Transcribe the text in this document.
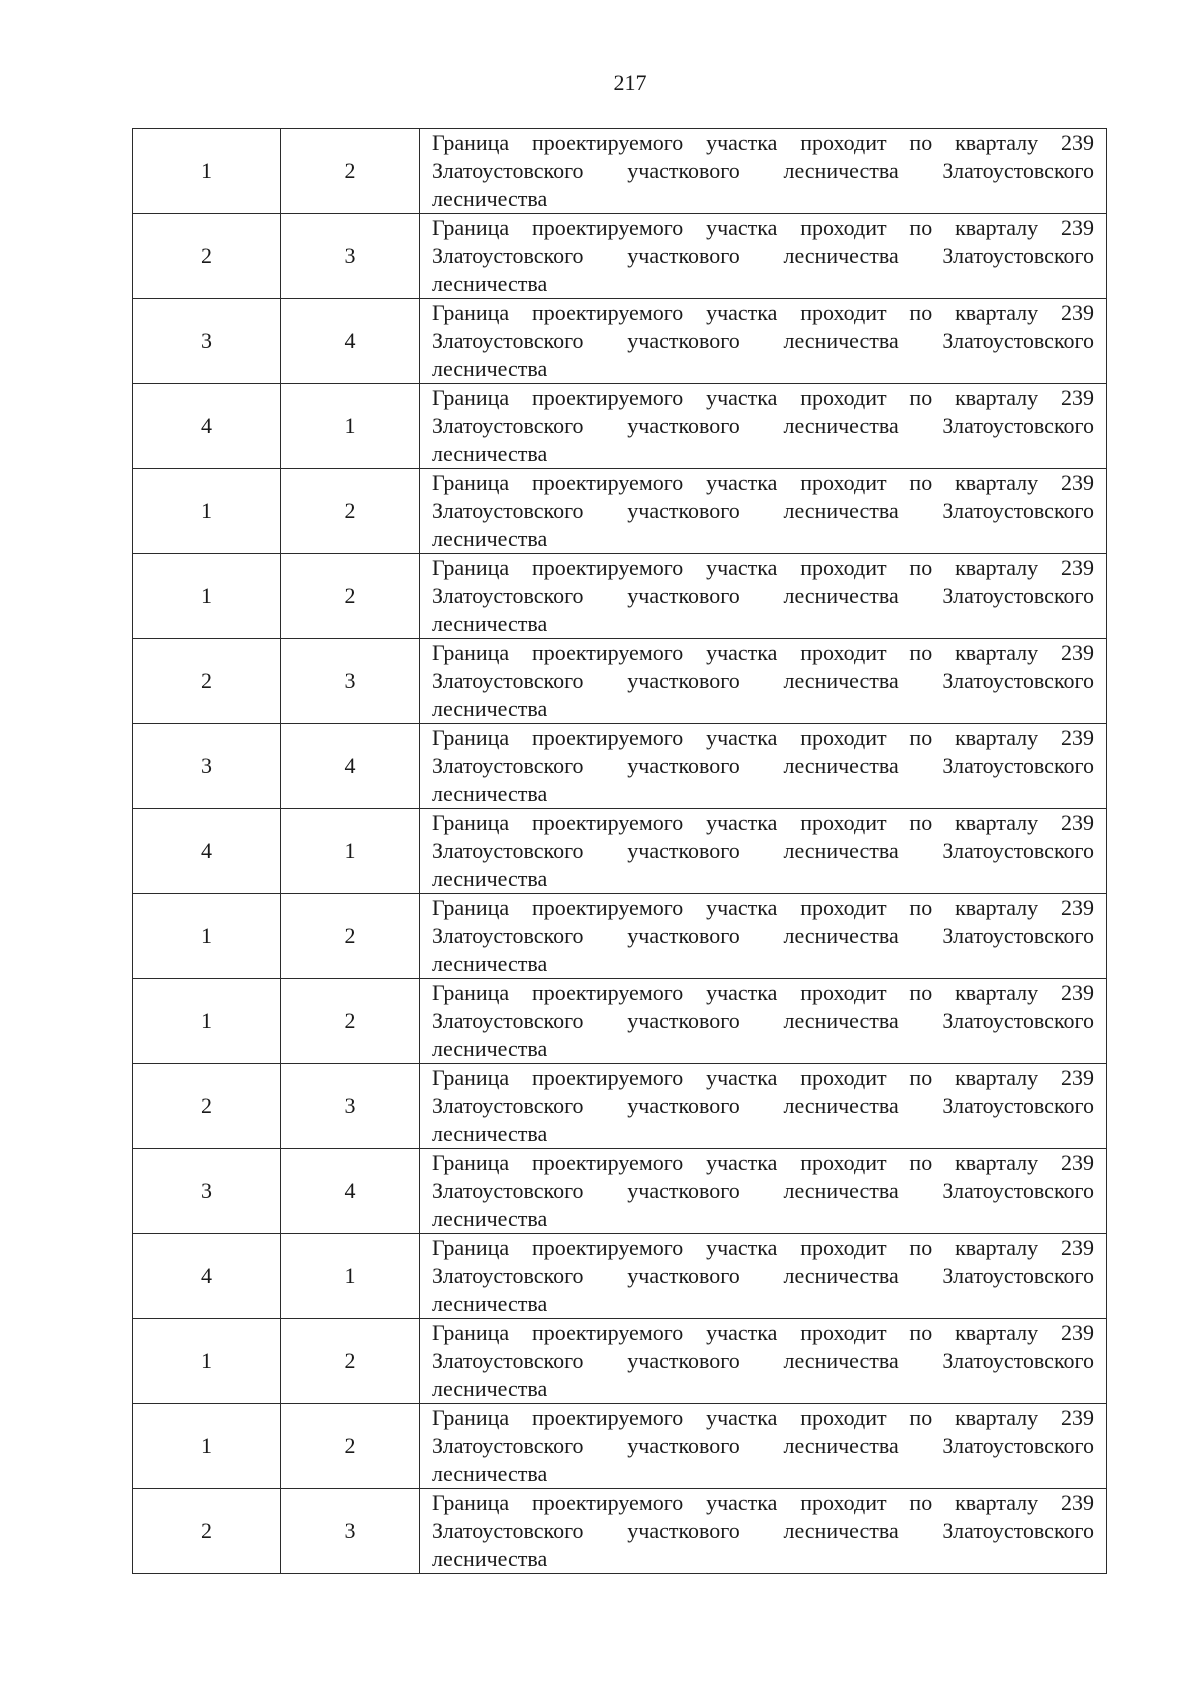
217
1	2	Граница проектируемого участка проходит по кварталу 239 Златоустовского участкового лесничества Златоустовского лесничества
2	3	Граница проектируемого участка проходит по кварталу 239 Златоустовского участкового лесничества Златоустовского лесничества
3	4	Граница проектируемого участка проходит по кварталу 239 Златоустовского участкового лесничества Златоустовского лесничества
4	1	Граница проектируемого участка проходит по кварталу 239 Златоустовского участкового лесничества Златоустовского лесничества
1	2	Граница проектируемого участка проходит по кварталу 239 Златоустовского участкового лесничества Златоустовского лесничества
1	2	Граница проектируемого участка проходит по кварталу 239 Златоустовского участкового лесничества Златоустовского лесничества
2	3	Граница проектируемого участка проходит по кварталу 239 Златоустовского участкового лесничества Златоустовского лесничества
3	4	Граница проектируемого участка проходит по кварталу 239 Златоустовского участкового лесничества Златоустовского лесничества
4	1	Граница проектируемого участка проходит по кварталу 239 Златоустовского участкового лесничества Златоустовского лесничества
1	2	Граница проектируемого участка проходит по кварталу 239 Златоустовского участкового лесничества Златоустовского лесничества
1	2	Граница проектируемого участка проходит по кварталу 239 Златоустовского участкового лесничества Златоустовского лесничества
2	3	Граница проектируемого участка проходит по кварталу 239 Златоустовского участкового лесничества Златоустовского лесничества
3	4	Граница проектируемого участка проходит по кварталу 239 Златоустовского участкового лесничества Златоустовского лесничества
4	1	Граница проектируемого участка проходит по кварталу 239 Златоустовского участкового лесничества Златоустовского лесничества
1	2	Граница проектируемого участка проходит по кварталу 239 Златоустовского участкового лесничества Златоустовского лесничества
1	2	Граница проектируемого участка проходит по кварталу 239 Златоустовского участкового лесничества Златоустовского лесничества
2	3	Граница проектируемого участка проходит по кварталу 239 Златоустовского участкового лесничества Златоустовского лесничества
